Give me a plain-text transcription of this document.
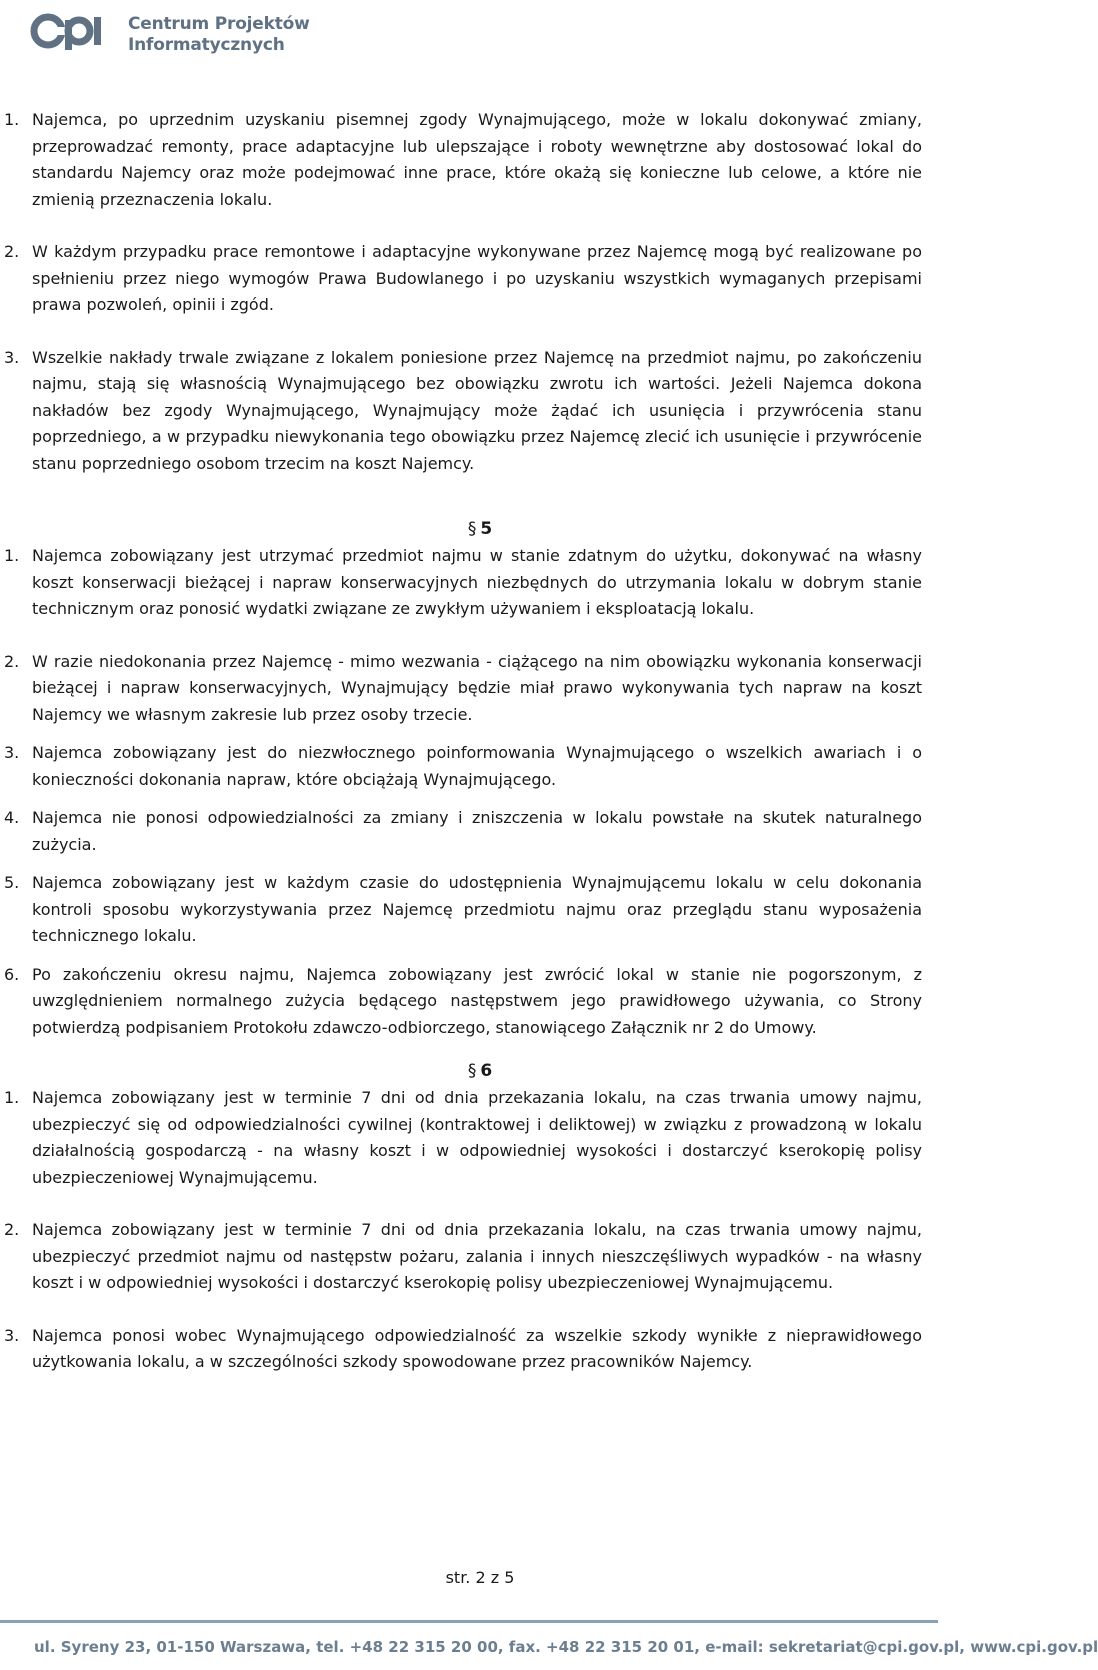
Centrum Projektów
Informatycznych
1. Najemca, po uprzednim uzyskaniu pisemnej zgody Wynajmującego, może w lokalu dokonywać zmiany, przeprowadzać remonty, prace adaptacyjne lub ulepszające i roboty wewnętrzne aby dostosować lokal do standardu Najemcy oraz może podejmować inne prace, które okażą się konieczne lub celowe, a które nie zmienią przeznaczenia lokalu.
2. W każdym przypadku prace remontowe i adaptacyjne wykonywane przez Najemcę mogą być realizowane po spełnieniu przez niego wymogów Prawa Budowlanego i po uzyskaniu wszystkich wymaganych przepisami prawa pozwoleń, opinii i zgód.
3. Wszelkie nakłady trwale związane z lokalem poniesione przez Najemcę na przedmiot najmu, po zakończeniu najmu, stają się własnością Wynajmującego bez obowiązku zwrotu ich wartości. Jeżeli Najemca dokona nakładów bez zgody Wynajmującego, Wynajmujący może żądać ich usunięcia i przywrócenia stanu poprzedniego, a w przypadku niewykonania tego obowiązku przez Najemcę zlecić ich usunięcie i przywrócenie stanu poprzedniego osobom trzecim na koszt Najemcy.
§ 5
1. Najemca zobowiązany jest utrzymać przedmiot najmu w stanie zdatnym do użytku, dokonywać na własny koszt konserwacji bieżącej i napraw konserwacyjnych niezbędnych do utrzymania lokalu w dobrym stanie technicznym oraz ponosić wydatki związane ze zwykłym używaniem i eksploatacją lokalu.
2. W razie niedokonania przez Najemcę - mimo wezwania - ciążącego na nim obowiązku wykonania konserwacji bieżącej i napraw konserwacyjnych, Wynajmujący będzie miał prawo wykonywania tych napraw na koszt Najemcy we własnym zakresie lub przez osoby trzecie.
3. Najemca zobowiązany jest do niezwłocznego poinformowania Wynajmującego o wszelkich awariach i o konieczności dokonania napraw, które obciążają Wynajmującego.
4. Najemca nie ponosi odpowiedzialności za zmiany i zniszczenia w lokalu powstałe na skutek naturalnego zużycia.
5. Najemca zobowiązany jest w każdym czasie do udostępnienia Wynajmującemu lokalu w celu dokonania kontroli sposobu wykorzystywania przez Najemcę przedmiotu najmu oraz przeglądu stanu wyposażenia technicznego lokalu.
6. Po zakończeniu okresu najmu, Najemca zobowiązany jest zwrócić lokal w stanie nie pogorszonym, z uwzględnieniem normalnego zużycia będącego następstwem jego prawidłowego używania, co Strony potwierdzą podpisaniem Protokołu zdawczo-odbiorczego, stanowiącego Załącznik nr 2 do Umowy.
§ 6
1. Najemca zobowiązany jest w terminie 7 dni od dnia przekazania lokalu, na czas trwania umowy najmu, ubezpieczyć się od odpowiedzialności cywilnej (kontraktowej i deliktowej) w związku z prowadzoną w lokalu działalnością gospodarczą - na własny koszt i w odpowiedniej wysokości i dostarczyć kserokopię polisy ubezpieczeniowej Wynajmującemu.
2. Najemca zobowiązany jest w terminie 7 dni od dnia przekazania lokalu, na czas trwania umowy najmu, ubezpieczyć przedmiot najmu od następstw pożaru, zalania i innych nieszczęśliwych wypadków - na własny koszt i w odpowiedniej wysokości i dostarczyć kserokopię polisy ubezpieczeniowej Wynajmującemu.
3. Najemca ponosi wobec Wynajmującego odpowiedzialność za wszelkie szkody wynikłe z nieprawidłowego użytkowania lokalu, a w szczególności szkody spowodowane przez pracowników Najemcy.
str. 2 z 5
ul. Syreny 23, 01-150 Warszawa, tel. +48 22 315 20 00, fax. +48 22 315 20 01, e-mail: sekretariat@cpi.gov.pl, www.cpi.gov.pl
